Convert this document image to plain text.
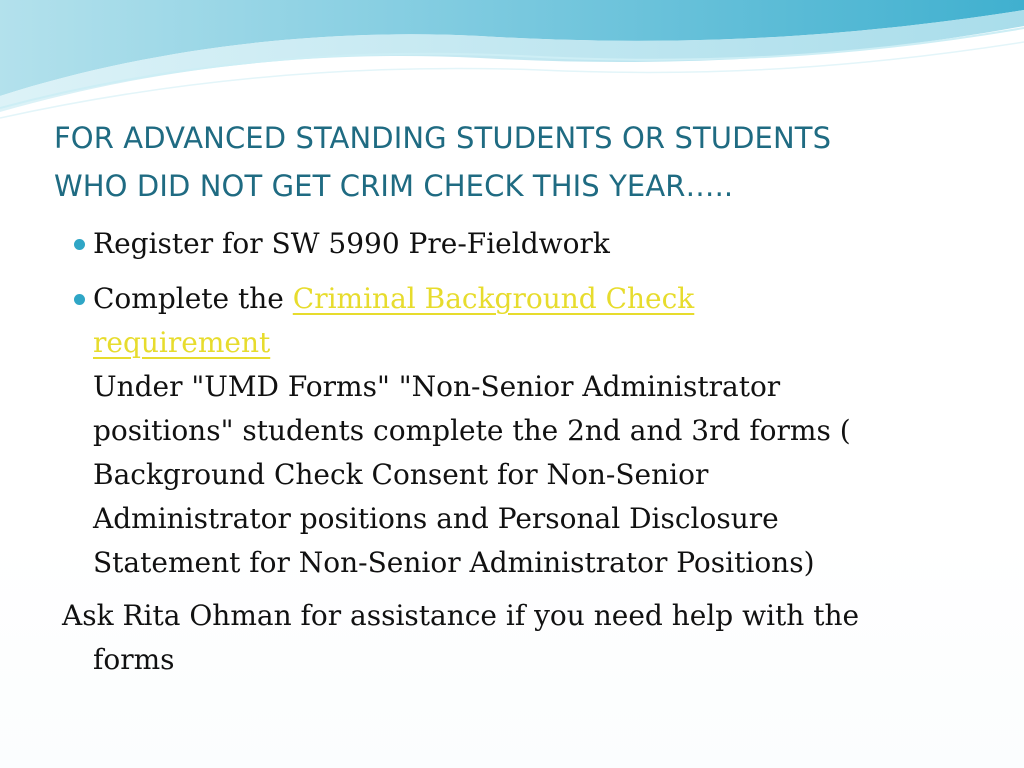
FOR ADVANCED STANDING STUDENTS OR STUDENTS
WHO DID NOT GET CRIM CHECK THIS YEAR…..
Register for SW 5990 Pre-Fieldwork
Complete the Criminal Background Check
requirement
Under "UMD Forms" "Non-Senior Administrator
positions" students complete the 2nd and 3rd forms (
Background Check Consent for Non-Senior
Administrator positions and Personal Disclosure
Statement for Non-Senior Administrator Positions)
Ask Rita Ohman for assistance if you need help with the
forms
